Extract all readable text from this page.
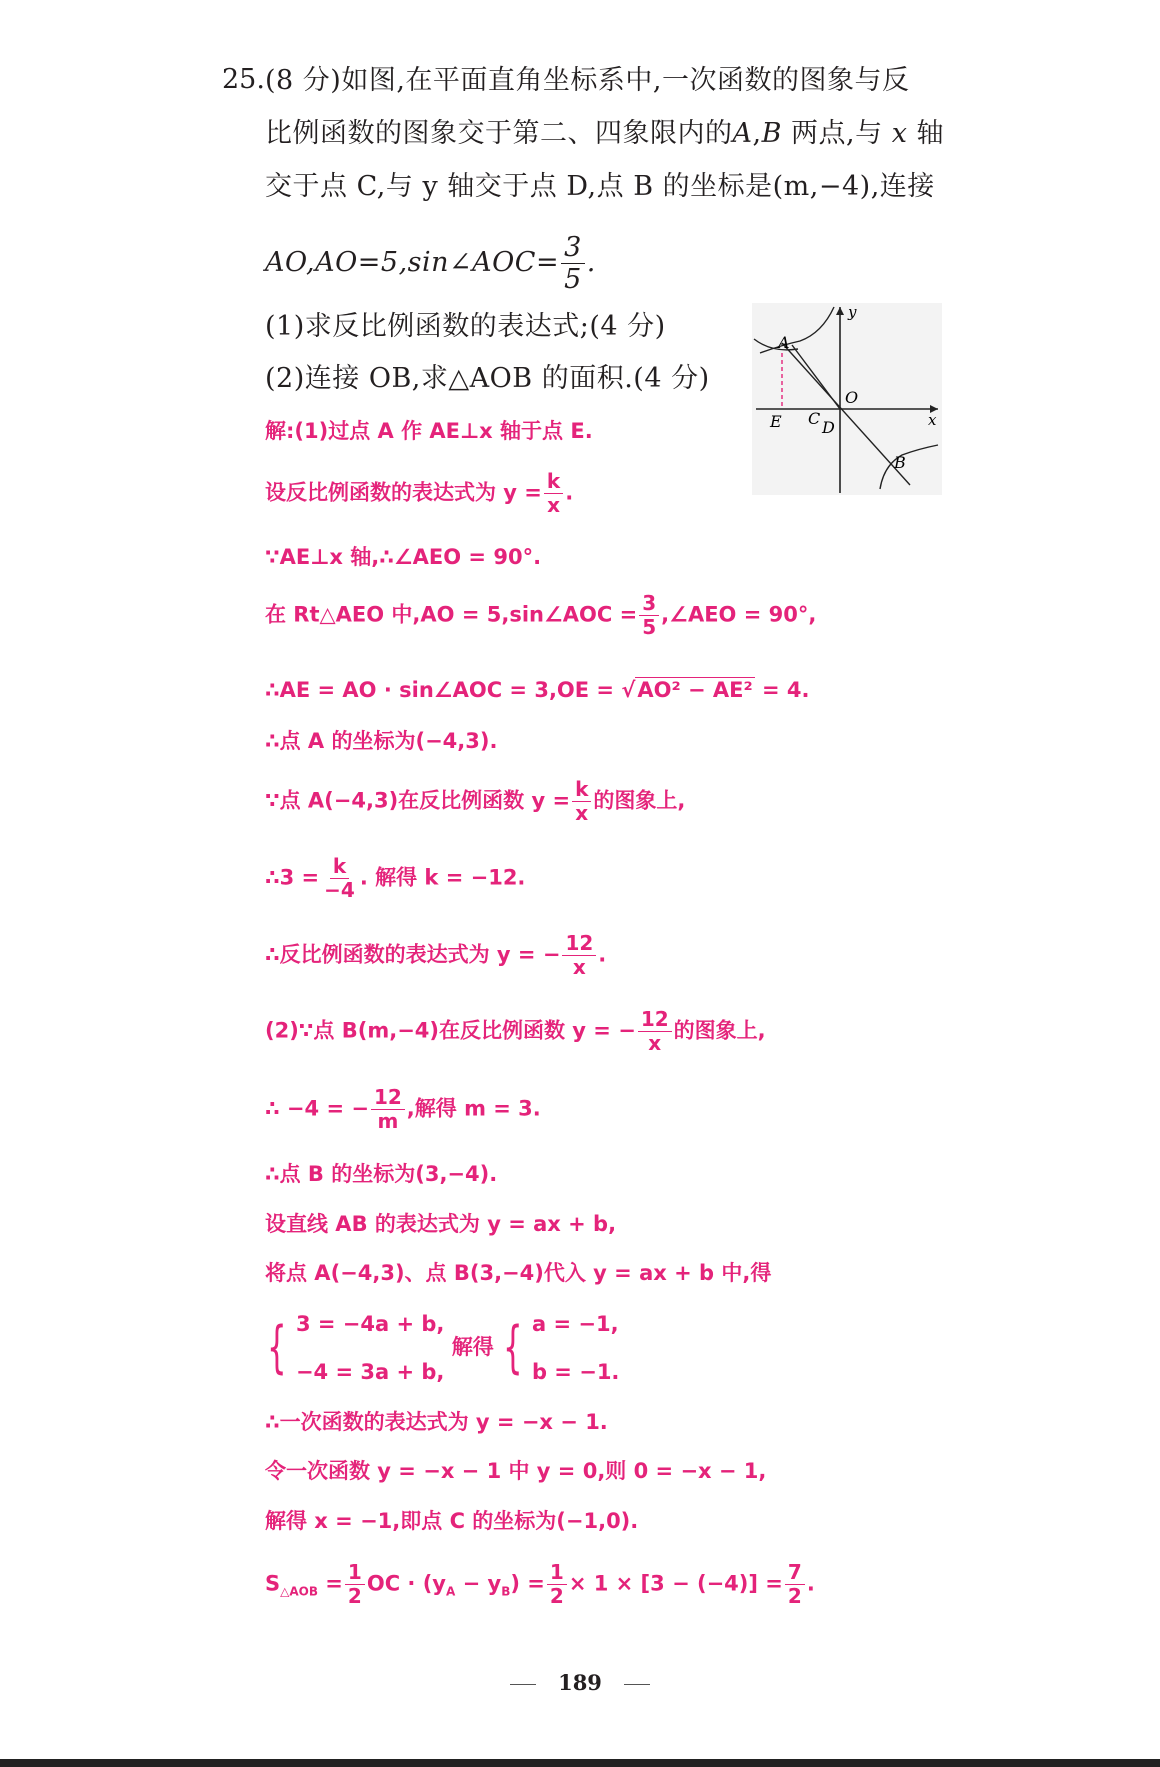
25. (8 分)如图,在平面直角坐标系中,一次函数的图象与反
比例函数的图象交于第二、四象限内的A,B 两点,与 x 轴
交于点 C,与 y 轴交于点 D,点 B 的坐标是(m,−4),连接
AO,AO=5,sin∠AOC= $\frac{3}{5}$ .
(1)求反比例函数的表达式;(4 分)
(2)连接 OB,求△AOB 的面积.(4 分)
A
E C D
O
x
y
B
解:(1)过点 A 作 AE⊥x 轴于点 E.
设反比例函数的表达式为 $y = \frac{k}{x}$ .
∵AE⊥x 轴,∴∠AEO = 90°.
在 Rt△AEO 中,AO = 5,sin∠AOC = $\frac{3}{5}$ ,∠AEO = 90°,
∴AE = AO · sin∠AOC = 3,OE = √AO² − AE² = 4.
∴点 A 的坐标为(−4,3).
∵点 A(−4,3)在反比例函数 $y = \frac{k}{x}$ 的图象上,
∴3 = $\frac{k}{-4}$ . 解得 k = −12.
∴反比例函数的表达式为 y = − $\frac{12}{x}$ .
(2)∵点 B(m,−4)在反比例函数 y = − $\frac{12}{x}$ 的图象上,
∴ −4 = − $\frac{12}{m}$ ,解得 m = 3.
∴点 B 的坐标为(3,−4).
设直线 AB 的表达式为 y = ax + b,
将点 A(−4,3)、点 B(3,−4)代入 y = ax + b 中,得
{ 3 = −4a + b,
−4 = 3a + b,
解得 { a = −1,
b = −1.
∴一次函数的表达式为 y = −x − 1.
令一次函数 y = −x − 1 中 y = 0,则 0 = −x − 1,
解得 x = −1,即点 C 的坐标为(−1,0).
$S_{\triangle AOB} = \frac{1}{2}$ OC · $(y_A - y_B) = \frac{1}{2} \times 1 \times [3 - (-4)] = \frac{7}{2}$ .
189
